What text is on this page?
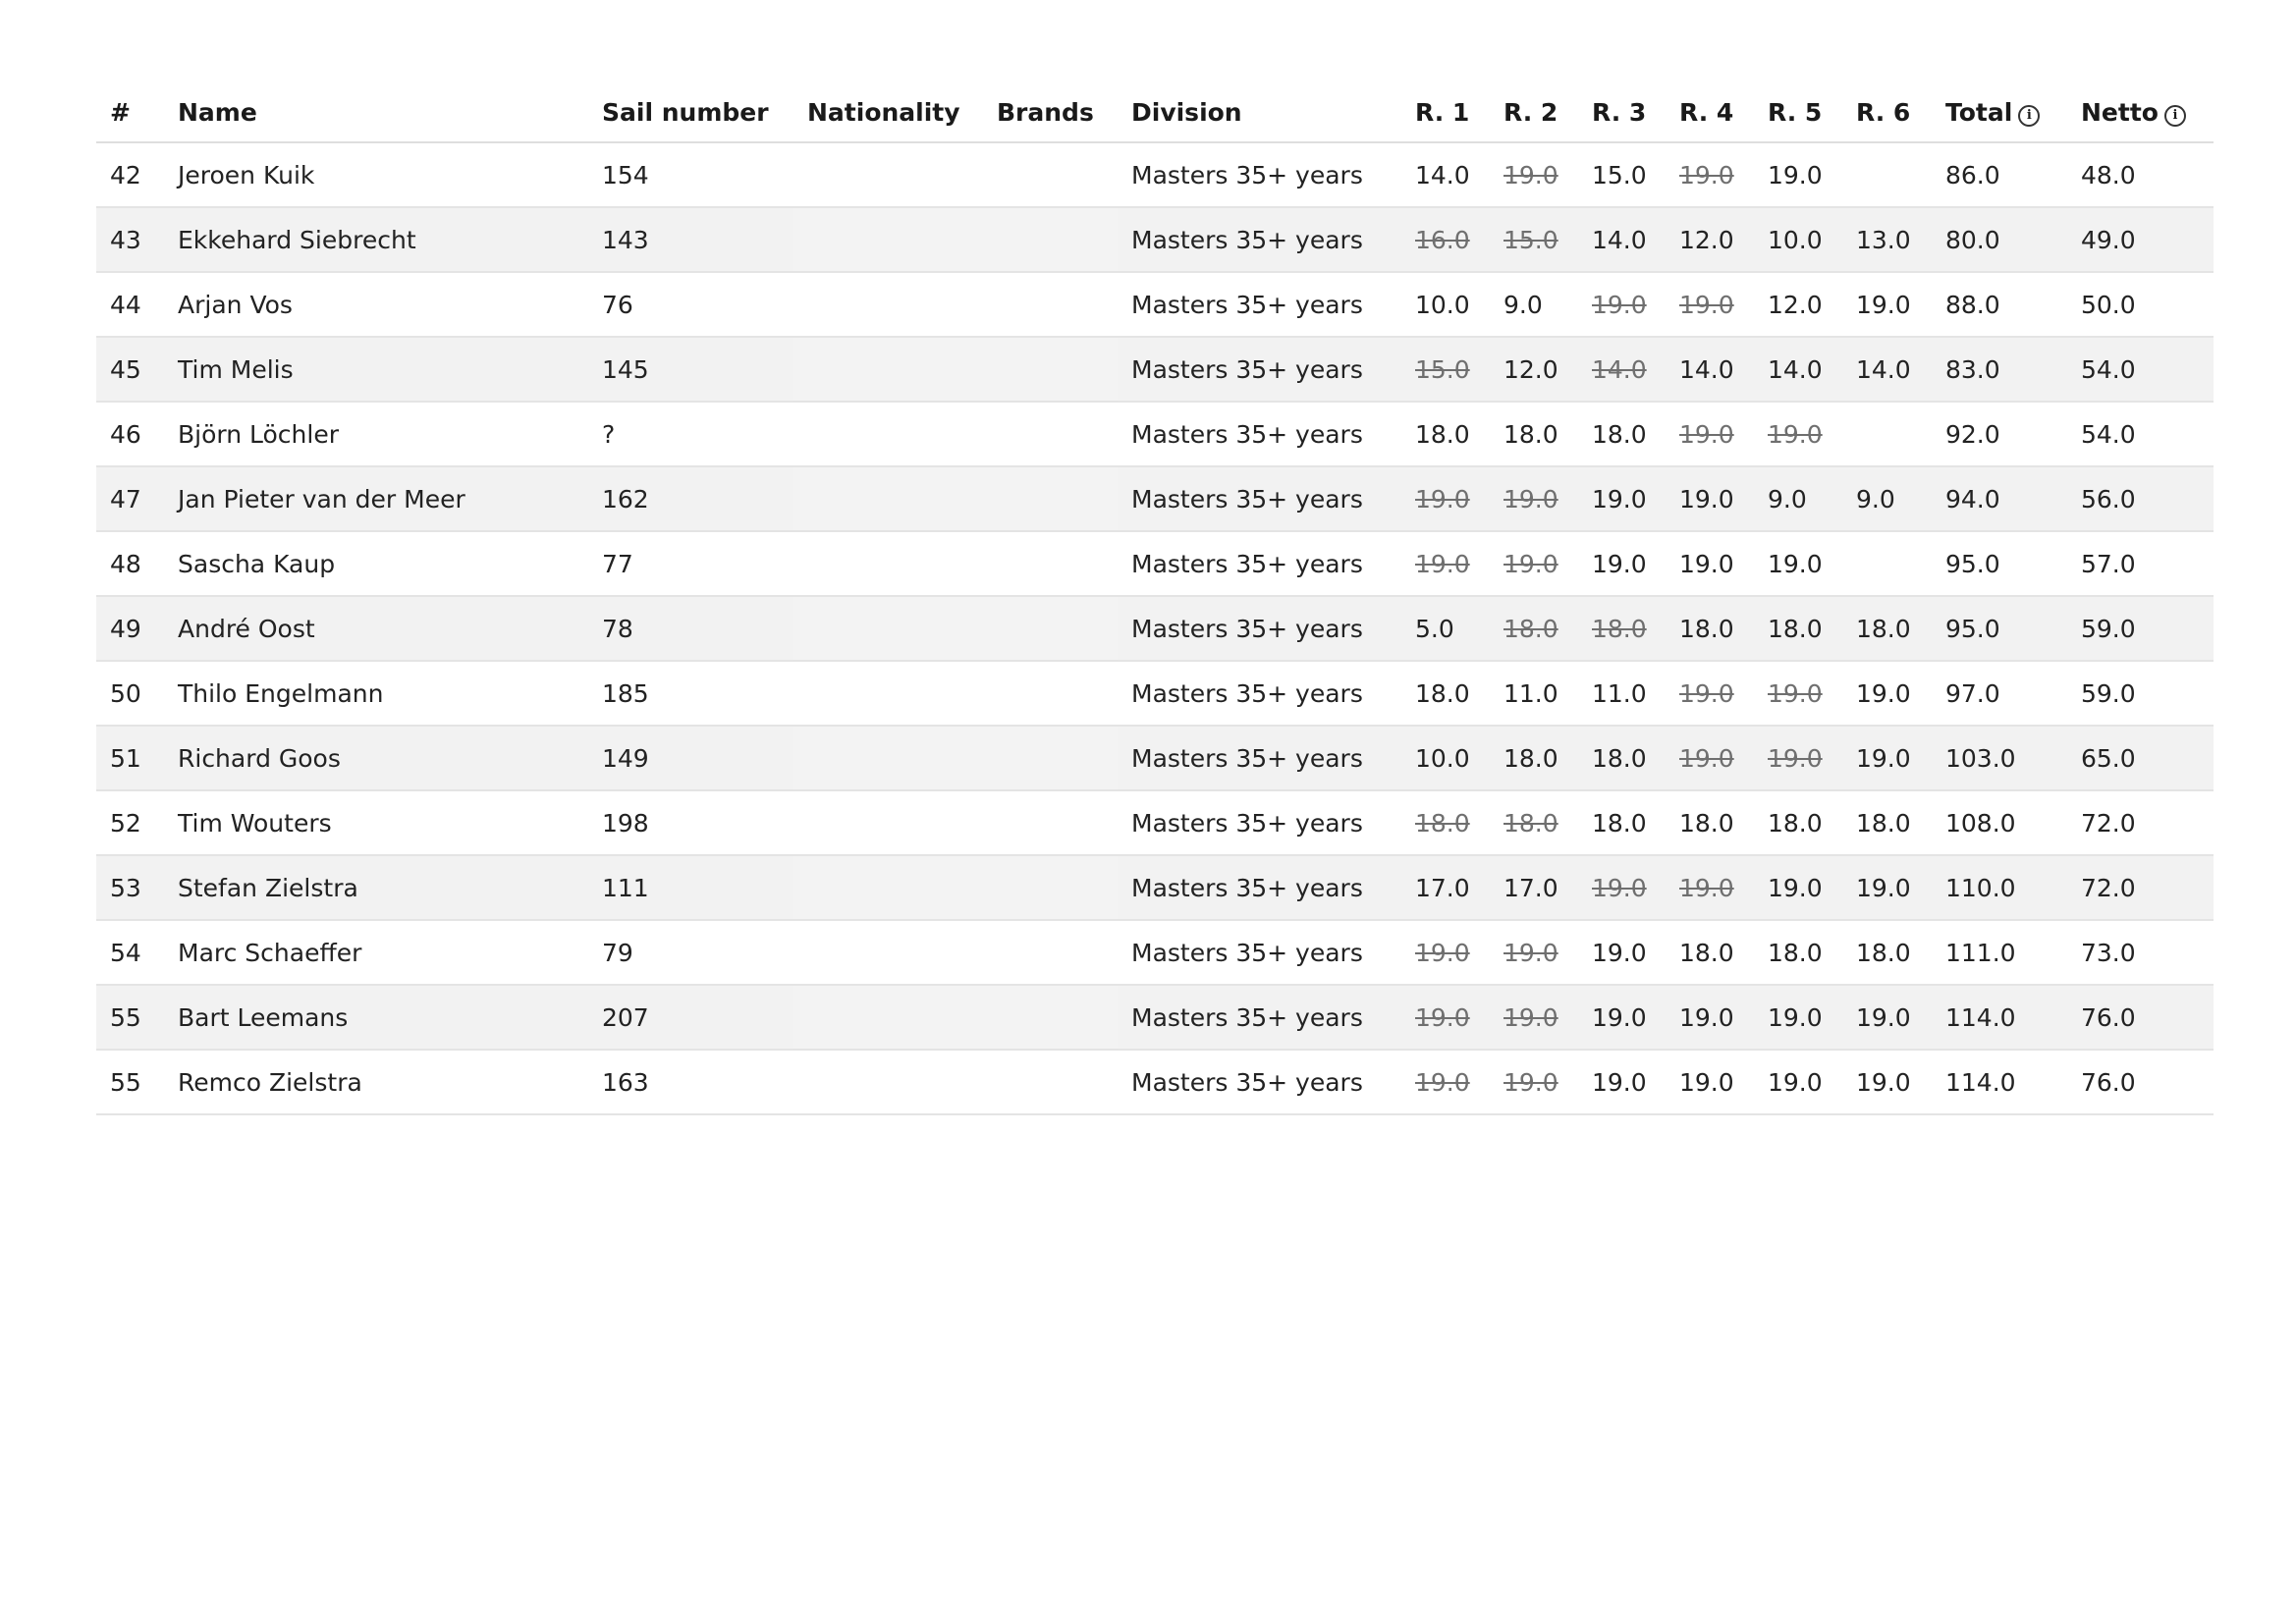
#	Name	Sail number	Nationality	Brands	Division	R. 1	R. 2	R. 3	R. 4	R. 5	R. 6	Total i	Netto i
42	Jeroen Kuik	154			Masters 35+ years	14.0	19.0	15.0	19.0	19.0		86.0	48.0
43	Ekkehard Siebrecht	143			Masters 35+ years	16.0	15.0	14.0	12.0	10.0	13.0	80.0	49.0
44	Arjan Vos	76			Masters 35+ years	10.0	9.0	19.0	19.0	12.0	19.0	88.0	50.0
45	Tim Melis	145			Masters 35+ years	15.0	12.0	14.0	14.0	14.0	14.0	83.0	54.0
46	Björn Löchler	?			Masters 35+ years	18.0	18.0	18.0	19.0	19.0		92.0	54.0
47	Jan Pieter van der Meer	162			Masters 35+ years	19.0	19.0	19.0	19.0	9.0	9.0	94.0	56.0
48	Sascha Kaup	77			Masters 35+ years	19.0	19.0	19.0	19.0	19.0		95.0	57.0
49	André Oost	78			Masters 35+ years	5.0	18.0	18.0	18.0	18.0	18.0	95.0	59.0
50	Thilo Engelmann	185			Masters 35+ years	18.0	11.0	11.0	19.0	19.0	19.0	97.0	59.0
51	Richard Goos	149			Masters 35+ years	10.0	18.0	18.0	19.0	19.0	19.0	103.0	65.0
52	Tim Wouters	198			Masters 35+ years	18.0	18.0	18.0	18.0	18.0	18.0	108.0	72.0
53	Stefan Zielstra	111			Masters 35+ years	17.0	17.0	19.0	19.0	19.0	19.0	110.0	72.0
54	Marc Schaeffer	79			Masters 35+ years	19.0	19.0	19.0	18.0	18.0	18.0	111.0	73.0
55	Bart Leemans	207			Masters 35+ years	19.0	19.0	19.0	19.0	19.0	19.0	114.0	76.0
55	Remco Zielstra	163			Masters 35+ years	19.0	19.0	19.0	19.0	19.0	19.0	114.0	76.0
